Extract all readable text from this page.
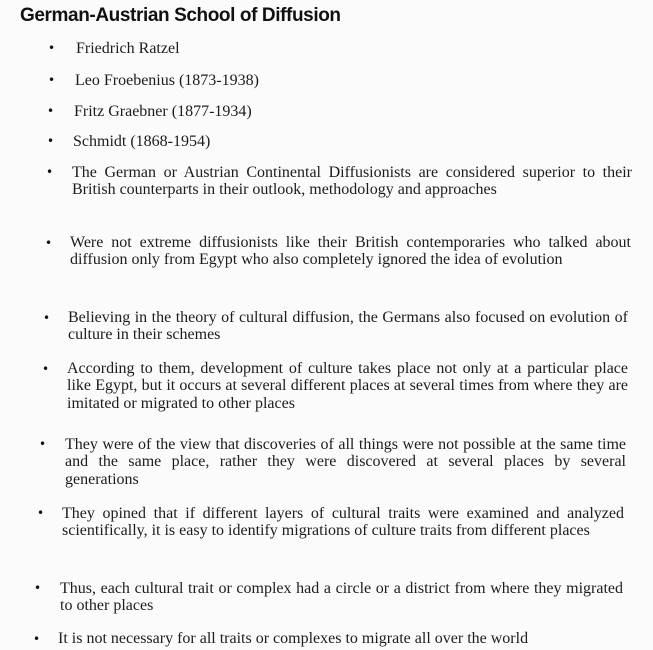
German-Austrian School of Diffusion
• Friedrich Ratzel
• Leo Froebenius (1873-1938)
• Fritz Graebner (1877-1934)
• Schmidt (1868-1954)
• The German or Austrian Continental Diffusionists are considered superior to their British counterparts in their outlook, methodology and approaches
• Were not extreme diffusionists like their British contemporaries who talked about diffusion only from Egypt who also completely ignored the idea of evolution
• Believing in the theory of cultural diffusion, the Germans also focused on evolution of culture in their schemes
• According to them, development of culture takes place not only at a particular place like Egypt, but it occurs at several different places at several times from where they are imitated or migrated to other places
• They were of the view that discoveries of all things were not possible at the same time and the same place, rather they were discovered at several places by several generations
• They opined that if different layers of cultural traits were examined and analyzed scientifically, it is easy to identify migrations of culture traits from different places
• Thus, each cultural trait or complex had a circle or a district from where they migrated to other places
• It is not necessary for all traits or complexes to migrate all over the world
